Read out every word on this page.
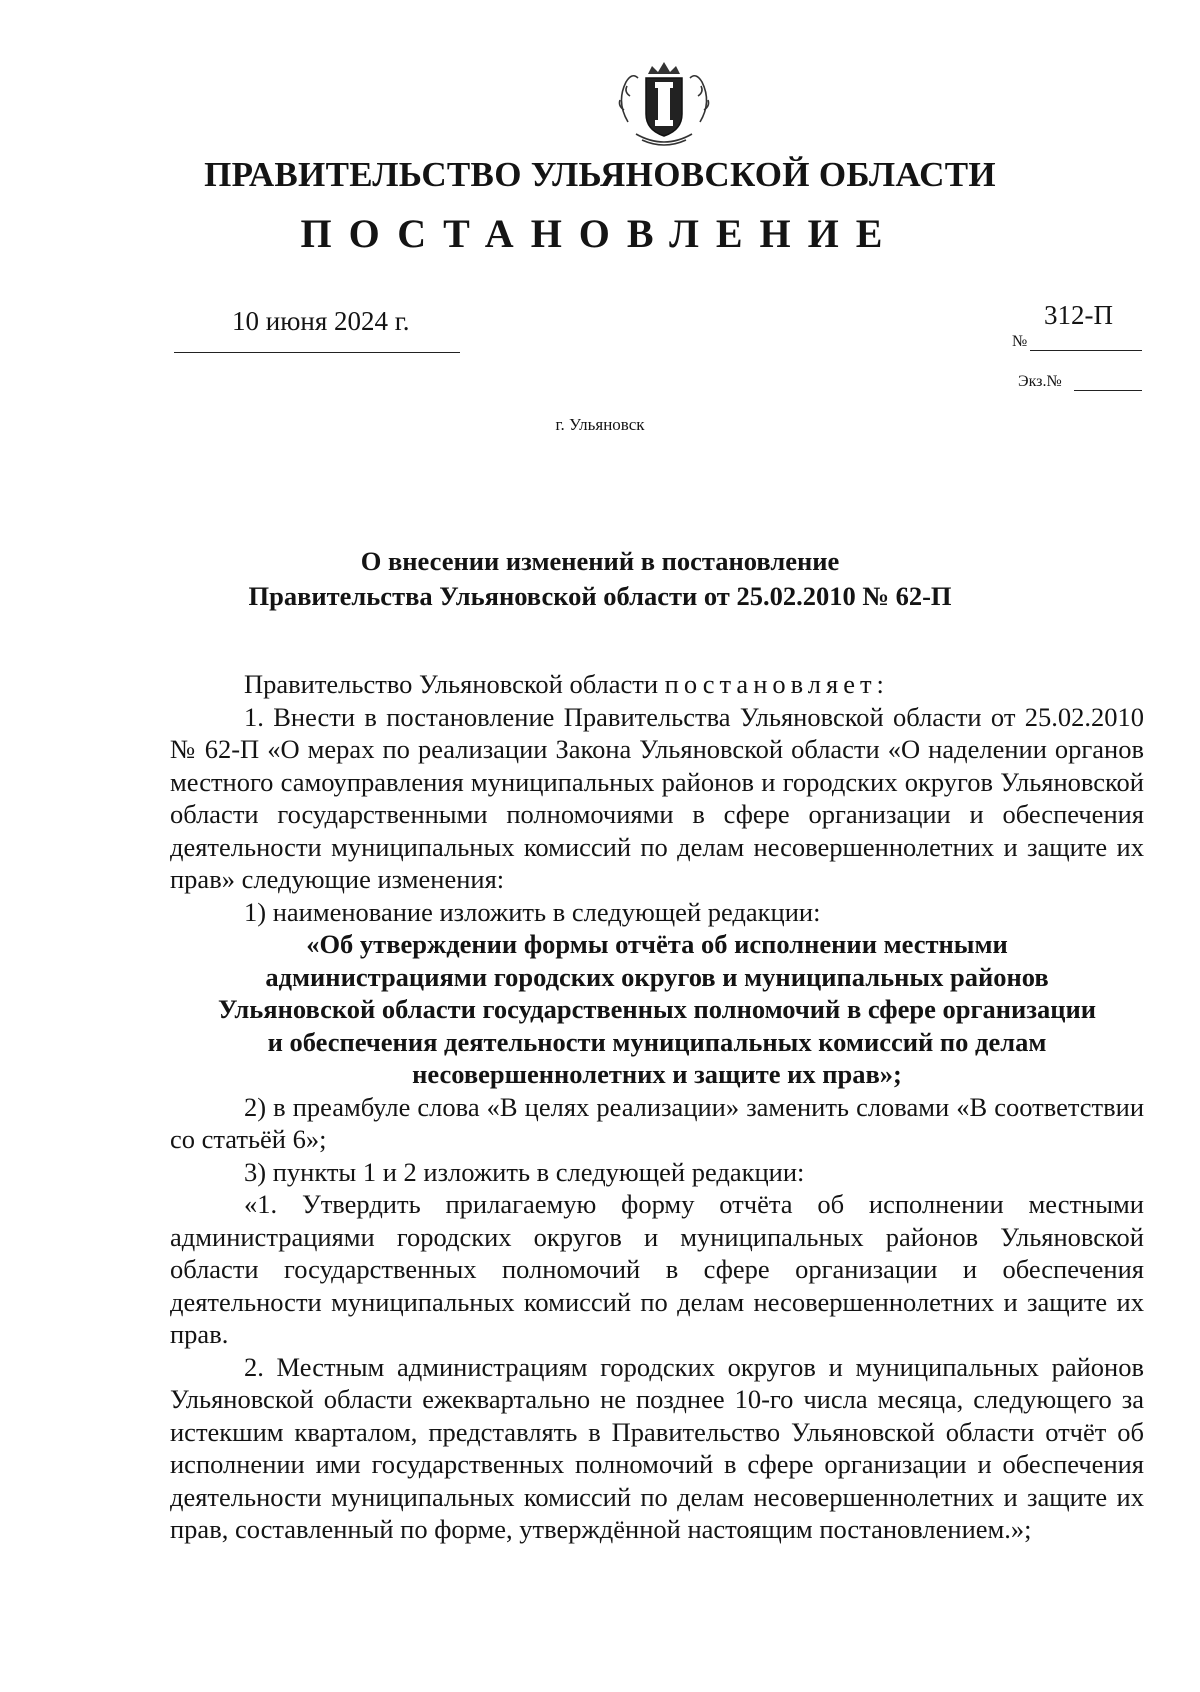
ПРАВИТЕЛЬСТВО УЛЬЯНОВСКОЙ ОБЛАСТИ
ПОСТАНОВЛЕНИЕ
10 июня 2024 г.	312-П
№
Экз.№
г. Ульяновск
О внесении изменений в постановление
Правительства Ульяновской области от 25.02.2010 № 62-П

Правительство Ульяновской области постановляет:

1. Внести в постановление Правительства Ульяновской области от 25.02.2010 № 62-П «О мерах по реализации Закона Ульяновской области «О наделении органов местного самоуправления муниципальных районов и городских округов Ульяновской области государственными полномочиями в сфере организации и обеспечения деятельности муниципальных комиссий по делам несовершеннолетних и защите их прав» следующие изменения:

1) наименование изложить в следующей редакции:

«Об утверждении формы отчёта об исполнении местными

администрациями городских округов и муниципальных районов

Ульяновской области государственных полномочий в сфере организации

и обеспечения деятельности муниципальных комиссий по делам

несовершеннолетних и защите их прав»;

2) в преамбуле слова «В целях реализации» заменить словами «В соответствии со статьёй 6»;

3) пункты 1 и 2 изложить в следующей редакции:

«1. Утвердить прилагаемую форму отчёта об исполнении местными администрациями городских округов и муниципальных районов Ульяновской области государственных полномочий в сфере организации и обеспечения деятельности муниципальных комиссий по делам несовершеннолетних и защите их прав.

2. Местным администрациям городских округов и муниципальных районов Ульяновской области ежеквартально не позднее 10-го числа месяца, следующего за истекшим кварталом, представлять в Правительство Ульяновской области отчёт об исполнении ими государственных полномочий в сфере организации и обеспечения деятельности муниципальных комиссий по делам несовершеннолетних и защите их прав, составленный по форме, утверждённой настоящим постановлением.»;
